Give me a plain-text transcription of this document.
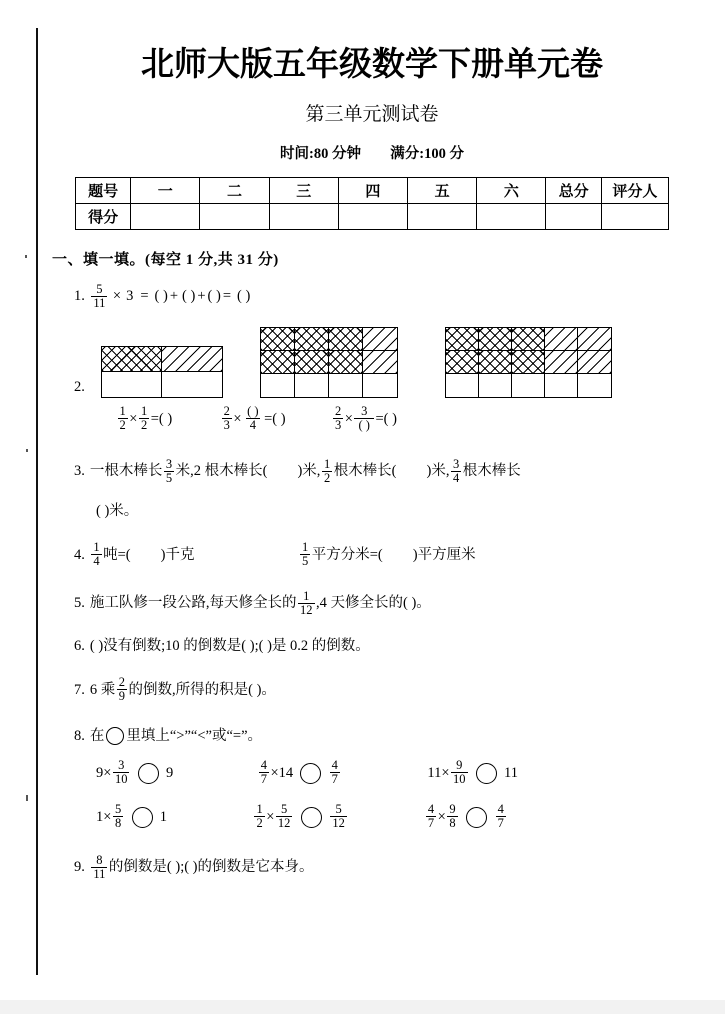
北师大版五年级数学下册单元卷
第三单元测试卷
时间:80 分钟 满分:100 分
题号	一	二	三	四	五	六	总分	评分人
得分								
一、填一填。(每空 1 分,共 31 分)
1. $\frac{5}{11} \times 3$ = ( ) + ( ) + ( ) = ( )
2.
$\frac{1}{2} \times \frac{1}{2}$ = ( )	$\frac{2}{3} \times \frac{( )}{4}$ = ( )	$\frac{2}{3} \times \frac{3}{( )}$ = ( )
3. 一根木棒长 $\frac{3}{5}$ 米,2 根木棒长( )米, $\frac{1}{2}$ 根木棒长( )米, $\frac{3}{4}$ 根木棒长
( )米。
4. $\frac{1}{4}$ 吨=( )千克	$\frac{1}{5}$ 平方分米=( )平方厘米
5. 施工队修一段公路,每天修全长的 $\frac{1}{12} ,4$ 天修全长的( )。
6. ( )没有倒数;10 的倒数是( );( )是 0.2 的倒数。
7. 6 乘 $\frac{2}{9}$ 的倒数,所得的积是( )。
8. 在 里填上“>”“<”或“=”。
$9 \times \frac{3}{10}$	9	$\frac{4}{7} \times 14$	$\frac{4}{7}$	$11 \times \frac{9}{10}$	11
$1 \times \frac{5}{8}$	1	$\frac{1}{2} \times \frac{5}{12}$	$\frac{5}{12}$	$\frac{4}{7} \times \frac{9}{8}$	$\frac{4}{7}$
9. $\frac{8}{11}$ 的倒数是( );( )的倒数是它本身。
